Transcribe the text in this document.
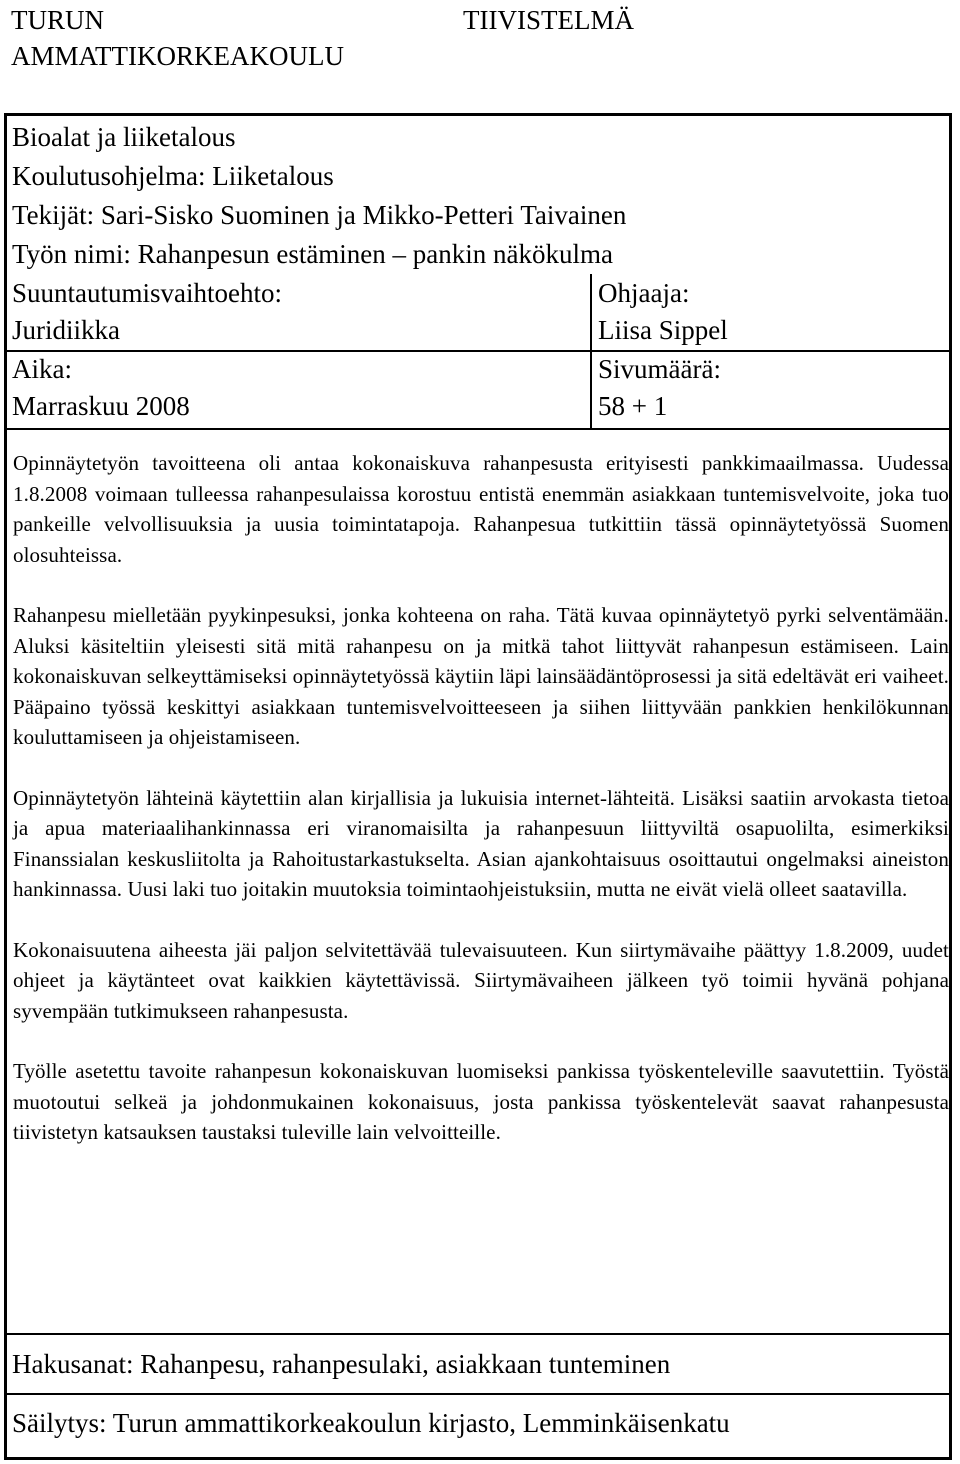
TURUN
AMMATTIKORKEAKOULU
TIIVISTELMÄ
Bioalat ja liiketalous
Koulutusohjelma: Liiketalous
Tekijät: Sari-Sisko Suominen ja Mikko-Petteri Taivainen
Työn nimi: Rahanpesun estäminen – pankin näkökulma
Suuntautumisvaihtoehto:
Juridiikka
Ohjaaja:
Liisa Sippel
Aika:
Marraskuu 2008
Sivumäärä:
58 + 1

Opinnäytetyön tavoitteena oli antaa kokonaiskuva rahanpesusta erityisesti pankkimaailmassa. Uudessa 1.8.2008 voimaan tulleessa rahanpesulaissa korostuu entistä enemmän asiakkaan tuntemisvelvoite, joka tuo pankeille velvollisuuksia ja uusia toimintatapoja. Rahanpesua tutkittiin tässä opinnäytetyössä Suomen olosuhteissa.

Rahanpesu mielletään pyykinpesuksi, jonka kohteena on raha. Tätä kuvaa opinnäytetyö pyrki selventämään. Aluksi käsiteltiin yleisesti sitä mitä rahanpesu on ja mitkä tahot liittyvät rahanpesun estämiseen. Lain kokonaiskuvan selkeyttämiseksi opinnäytetyössä käytiin läpi lainsäädäntöprosessi ja sitä edeltävät eri vaiheet. Pääpaino työssä keskittyi asiakkaan tuntemisvelvoitteeseen ja siihen liittyvään pankkien henkilökunnan kouluttamiseen ja ohjeistamiseen.

Opinnäytetyön lähteinä käytettiin alan kirjallisia ja lukuisia internet-lähteitä. Lisäksi saatiin arvokasta tietoa ja apua materiaalihankinnassa eri viranomaisilta ja rahanpesuun liittyviltä osapuolilta, esimerkiksi Finanssialan keskusliitolta ja Rahoitustarkastukselta. Asian ajankohtaisuus osoittautui ongelmaksi aineiston hankinnassa. Uusi laki tuo joitakin muutoksia toimintaohjeistuksiin, mutta ne eivät vielä olleet saatavilla.

Kokonaisuutena aiheesta jäi paljon selvitettävää tulevaisuuteen. Kun siirtymävaihe päättyy 1.8.2009, uudet ohjeet ja käytänteet ovat kaikkien käytettävissä. Siirtymävaiheen jälkeen työ toimii hyvänä pohjana syvempään tutkimukseen rahanpesusta.

Työlle asetettu tavoite rahanpesun kokonaiskuvan luomiseksi pankissa työskenteleville saavutettiin. Työstä muotoutui selkeä ja johdonmukainen kokonaisuus, josta pankissa työskentelevät saavat rahanpesusta tiivistetyn katsauksen taustaksi tuleville lain velvoitteille.

Hakusanat: Rahanpesu, rahanpesulaki, asiakkaan tunteminen
Säilytys: Turun ammattikorkeakoulun kirjasto, Lemminkäisenkatu
